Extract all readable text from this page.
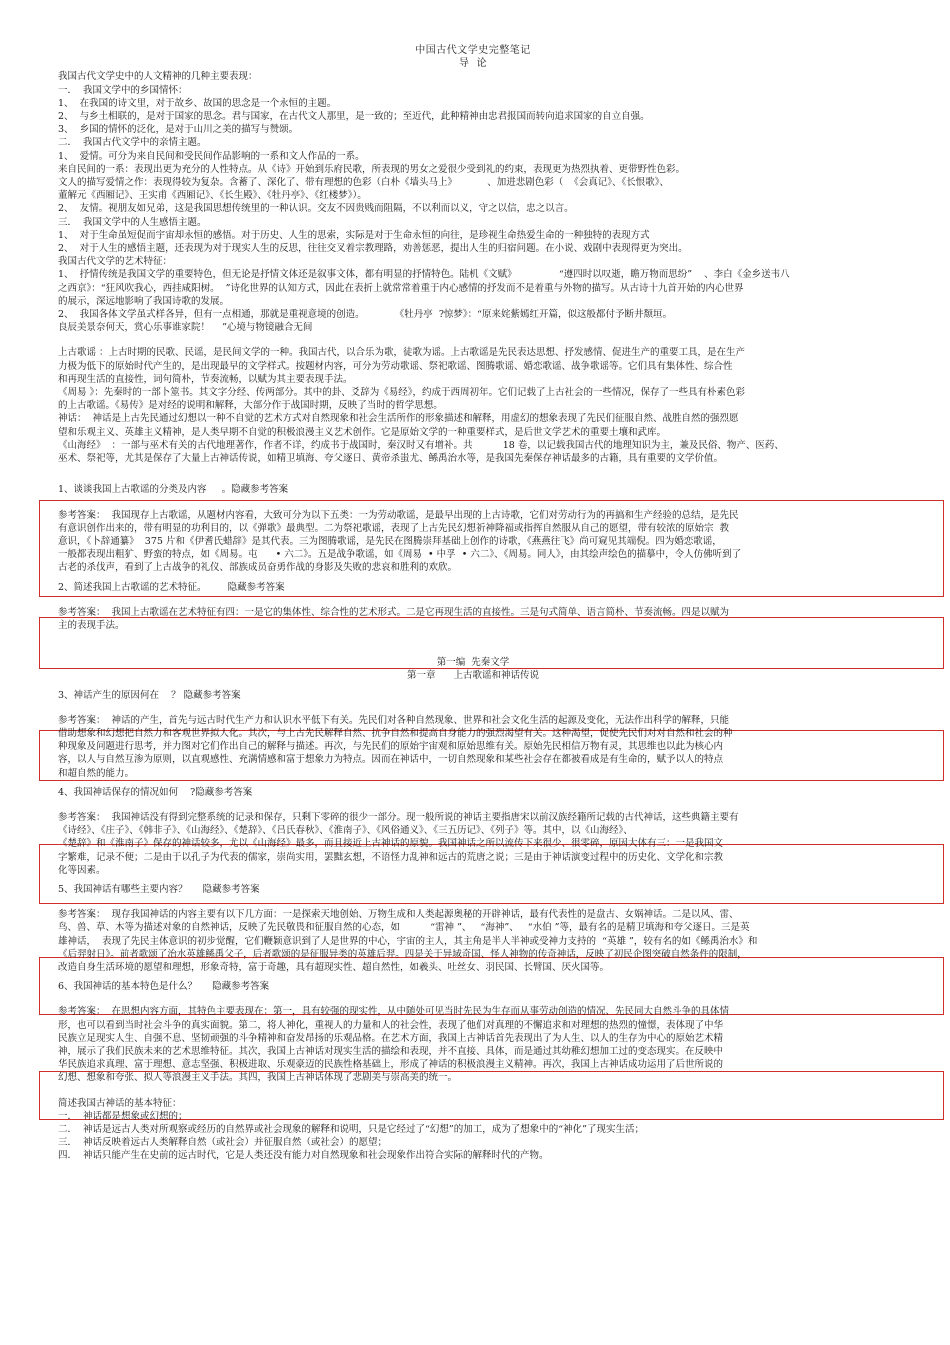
中国古代文学史完整笔记
导  论
我国古代文学史中的人文精神的几种主要表现：
一．  我国文学中的乡国情怀：
1、  在我国的诗文里，对于故乡、故国的思念是一个永恒的主题。
2、  与乡土相联的，是对于国家的思念。君与国家，在古代文人那里，是一致的；至近代，此种精神由忠君报国而转向追求国家的自立自强。
3、  乡国的情怀的泛化，是对于山川之美的描写与赞颂。
二．  我国古代文学中的亲情主题。
1、  爱情。可分为来自民间和受民间作品影响的一系和文人作品的一系。
来自民间的一系：表现出更为充分的人性特点。从《诗》开始到乐府民歌，所表现的男女之爱很少受到礼的约束，表现更为热烈执着、更带野性色彩。
文人的描写爱情之作：表现得较为复杂。含蓄了、深化了、带有理想的色彩（白朴《墙头马上》          、加进悲剧色彩（  《会真记》、《长恨歌》、
董解元《西厢记》、王实甫《西厢记》、《长生殿》、《牡丹亭》、《红楼梦》）。
2、  友情。视朋友如兄弟，这是我国思想传统里的一种认识。交友不因贵贱而阻隔，不以利而以义，守之以信，忠之以言。
三．  我国文学中的人生感悟主题。
1、  对于生命虽短促而宇宙却永恒的感悟。对于历史、人生的思索，实际是对于生命永恒的向往，是珍视生命热爱生命的一种独特的表现方式
2、  对于人生的感悟主题，还表现为对于现实人生的反思，往往交叉着宗教理路，劝善惩恶，提出人生的归宿问题。在小说、戏剧中表现得更为突出。
我国古代文学的艺术特征：
1、  抒情传统是我国文学的重要特色，但无论是抒情文体还是叙事文体，都有明显的抒情特色。陆机《文赋》              “遵四时以叹逝，瞻万物而思纷”    、李白《金乡送韦八
之西京》：“狂风吹我心，西挂咸阳树。  ”诗化世界的认知方式，因此在表折上就常常着重于内心感情的抒发而不是着重与外物的描写。从古诗十九首开始的内心世界
的展示，深远地影响了我国诗歌的发展。
2、  我国各体文学虽式样各异，但有一点相通，那就是重视意境的创造。          《牡丹亭  ?惊梦》：“原来姹紫嫣红开篇，似这般都付予断井颓垣。
良辰美景奈何天，赏心乐事谁家院！    ”心境与物镜融合无间
上古歌谣 ：上古时期的民歌、民谣，是民间文学的一种。我国古代，以合乐为歌，徒歌为谣。上古歌谣是先民表达思想、抒发感情、促进生产的重要工具，是在生产
力极为低下的原始时代产生的，是出现最早的文学样式。按题材内容，可分为劳动歌谣、祭祀歌谣、图腾歌谣、婚恋歌谣、战争歌谣等。它们具有集体性、综合性
和再现生活的直接性，词句简朴，节奏流畅，以赋为其主要表现手法。
《周易 》：先秦时的一部卜筮书。其文字分经、传两部分。其中的卦、爻辞为《易经》，约成于西周初年。它们记载了上古社会的一些情况，保存了一些具有朴素色彩
的上古歌谣。《易传》是对经的说明和解释，大部分作于战国时期，反映了当时的哲学思想。
神话：  神话是上古先民通过幻想以一种不自觉的艺术方式对自然现象和社会生活所作的形象描述和解释，用虚幻的想象表现了先民们征服自然、战胜自然的强烈愿
望和乐观主义、英雄主义精神，是人类早期不自觉的积极浪漫主义艺术创作。它是原始文学的一种重要样式，是后世文学艺术的重要土壤和武库。
《山海经》  ：一部与巫术有关的古代地理著作，作者不详，约成书于战国时，秦汉时又有增补。共          18 卷，以记载我国古代的地理知识为主，兼及民俗、物产、医药、
巫术、祭祀等，尤其是保存了大量上古神话传说，如精卫填海、夸父逐日、黄帝杀蚩尤、鲧禹治水等，是我国先秦保存神话最多的古籍，具有重要的文学价值。
1、谈谈我国上古歌谣的分类及内容     。隐藏参考答案
参考答案：  我国现存上古歌谣，从题材内容看，大致可分为以下五类：一为劳动歌谣，是最早出现的上古诗歌，它们对劳动行为的再搞和生产经验的总结，是先民
有意识创作出来的，带有明显的功利目的，以《弹歌》最典型。二为祭祀歌谣，表现了上古先民幻想祈神降福或指挥自然服从自己的愿望，带有较浓的原始宗  教
意识，《卜辞通纂》  375 片和《伊耆氏蜡辞》是其代表。三为图腾歌谣，是先民在图腾崇拜基础上创作的诗歌，《燕燕往飞》尚可窥见其端倪。四为婚恋歌谣，
一般都表现出粗犷、野蛮的特点，如《周易。屯      • 六二》。五是战争歌谣，如《周易  • 中孚  • 六二》、《周易。同人》，由其绘声绘色的描摹中，令人仿佛听到了
古老的杀伐声，看到了上古战争的礼仪、部族成员奋勇作战的身影及失败的悲哀和胜利的欢欣。
2、简述我国上古歌谣的艺术特征。       隐藏参考答案
参考答案：  我国上古歌谣在艺术特征有四：一是它的集体性、综合性的艺术形式。二是它再现生活的直接性。三是句式简单、语言简朴、节奏流畅。四是以赋为
主的表现手法。
第一编  先秦文学
第一章      上古歌谣和神话传说
3、神话产生的原因何在    ？ 隐藏参考答案
参考答案：  神话的产生，首先与远古时代生产力和认识水平低下有关。先民们对各种自然现象、世界和社会文化生活的起源及变化，无法作出科学的解释，只能
借助想象和幻想把自然力和客观世界拟人化。其次，与上古先民解释自然、抗争自然和提高自身能力的强烈渴望有关。这种渴望，促使先民们对对自然和社会的种
种现象及问题进行思考，并力图对它们作出自己的解释与描述。再次，与先民们的原始宇宙观和原始思维有关。原始先民相信万物有灵，其思维也以此为核心内
容，以人与自然互渗为原则，以直观感性、充满情感和富于想象力为特点。因而在神话中，一切自然现象和某些社会存在都被看成是有生命的，赋予以人的特点
和超自然的能力。
4、我国神话保存的情况如何    ?隐藏参考答案
参考答案：  我国神话没有得到完整系统的记录和保存，只剩下零碎的很少一部分。现一般所说的神话主要指唐宋以前汉族经籍所记载的古代神话，这些典籍主要有
《诗经》、《庄子》、《韩非子》、《山海经》、《楚辞》、《吕氏春秋》、《淮南子》、《风俗通义》、《三五历记》、《列子》等。其中，以《山海经》、
《楚辞》和《淮南子》保存的神话较多，尤以《山海经》最多，而且接近上古神话的原貌。我国神话之所以流传下来很少、很零碎，原因大体有三：一是我国文
字繁难，记录不便；二是由于以孔子为代表的儒家，崇尚实用，罢黜玄想，不语怪力乱神和远古的荒唐之说；三是由于神话演变过程中的历史化、文学化和宗教
化等因素。
5、我国神话有哪些主要内容？     隐藏参考答案
参考答案：  现存我国神话的内容主要有以下几方面：一是探索天地创始、万物生成和人类起源奥秘的开辟神话，最有代表性的是盘古、女娲神话。二是以风、雷、
鸟、兽、草、木等为描述对象的自然神话，反映了先民敬畏和征服自然的心态，如          “雷神 ”、   “海神”、   “水伯 ”等，最有名的是精卫填海和夸父逐日。三是英
雄神话，  表现了先民主体意识的初步觉醒，它们鞭颖意识到了人是世界的中心，宇宙的主人，其主角是半人半神或受神力支持的  “英雄 ”，较有名的如《鲧禹治水》和
《后羿射日》。前者歌颂了治水英雄鲧禹父子，后者歌颂的是征服异类的英雄后羿。四是关于异域奇国、怪人神物的传奇神话，反映了初民企图突破自然条件的限制，
改造自身生活环境的愿望和理想，形象奇特，富于奇趣，具有超现实性、超自然性，如羲头、吐丝女、羽民国、长臂国、厌火国等。
6、我国神话的基本特色是什么？     隐藏参考答案
参考答案：  在思想内容方面，其特色主要表现在：第一，具有较强的现实性，从中随处可见当时先民为生存而从事劳动创造的情况、先民同大自然斗争的具体情
形，也可以看到当时社会斗争的真实面貌。第二，将人神化，重视人的力量和人的社会性，表现了他们对真理的不懈追求和对理想的热烈的憧憬，表体现了中华
民族立足现实人生、自强不息、坚韧顽强的斗争精神和奋发昂扬的乐观品格。在艺术方面，我国上古神话首先表现出了为人生、以人的生存为中心的原始艺术精
神，展示了我们民族未来的艺术思维特征。其次，我国上古神话对现实生活的描绘和表现，并不直接、具体，而是通过其幼稚幻想加工过的变态现实。在反映中
华民族追求真理、富于理想、意志坚强、积极进取、乐观豪迈的民族性格基础上，形成了神话的积极浪漫主义精神。再次，我国上古神话成功运用了后世所说的
幻想、想象和夸张、拟人等浪漫主义手法。其四，我国上古神话体现了悲剧美与崇高美的统一。
简述我国古神话的基本特征：
一．  神话都是想象或幻想的；
二．  神话是远古人类对所观察或经历的自然界或社会现象的解释和说明，只是它经过了“幻想”的加工，成为了想象中的“神化”了现实生活；
三．  神话反映着远古人类解释自然（或社会）并征服自然（或社会）的愿望；
四．  神话只能产生在史前的远古时代，它是人类还没有能力对自然现象和社会现象作出符合实际的解释时代的产物。
